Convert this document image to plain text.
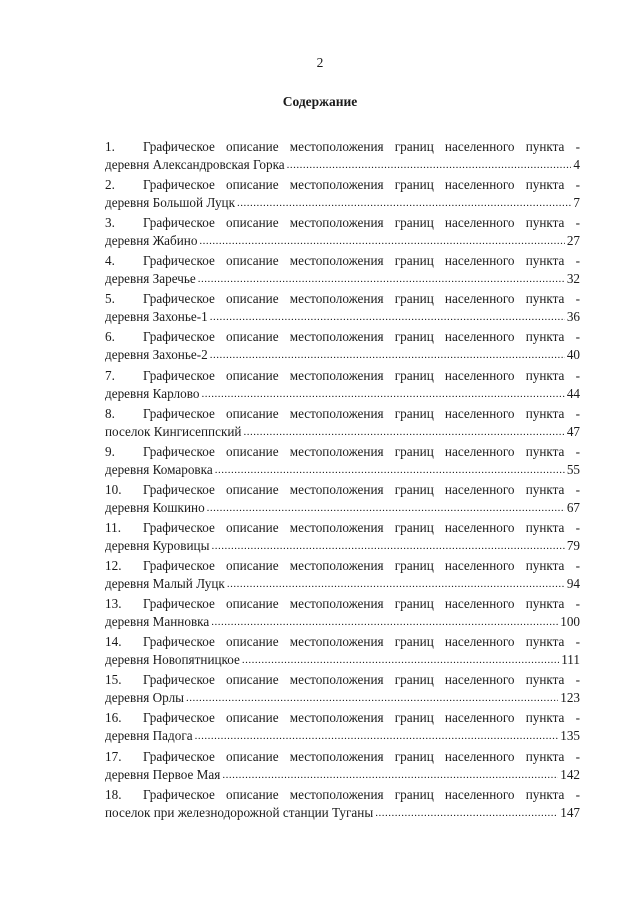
2
Содержание
1.	Графическое описание местоположения границ населенного пункта -
деревня Александровская Горка .....	4
2.	Графическое описание местоположения границ населенного пункта -
деревня Большой Луцк .....	7
3.	Графическое описание местоположения границ населенного пункта -
деревня Жабино .....	27
4.	Графическое описание местоположения границ населенного пункта -
деревня Заречье .....	32
5.	Графическое описание местоположения границ населенного пункта -
деревня Захонье-1 .....	36
6.	Графическое описание местоположения границ населенного пункта -
деревня Захонье-2 .....	40
7.	Графическое описание местоположения границ населенного пункта -
деревня Карлово .....	44
8.	Графическое описание местоположения границ населенного пункта -
поселок Кингисеппский .....	47
9.	Графическое описание местоположения границ населенного пункта -
деревня Комаровка .....	55
10.	Графическое описание местоположения границ населенного пункта -
деревня Кошкино .....	67
11.	Графическое описание местоположения границ населенного пункта -
деревня Куровицы .....	79
12.	Графическое описание местоположения границ населенного пункта -
деревня Малый Луцк .....	94
13.	Графическое описание местоположения границ населенного пункта -
деревня Манновка .....	100
14.	Графическое описание местоположения границ населенного пункта -
деревня Новопятницкое .....	111
15.	Графическое описание местоположения границ населенного пункта -
деревня Орлы .....	123
16.	Графическое описание местоположения границ населенного пункта -
деревня Падога .....	135
17.	Графическое описание местоположения границ населенного пункта -
деревня Первое Мая .....	142
18.	Графическое описание местоположения границ населенного пункта -
поселок при железнодорожной станции Туганы .....	147
